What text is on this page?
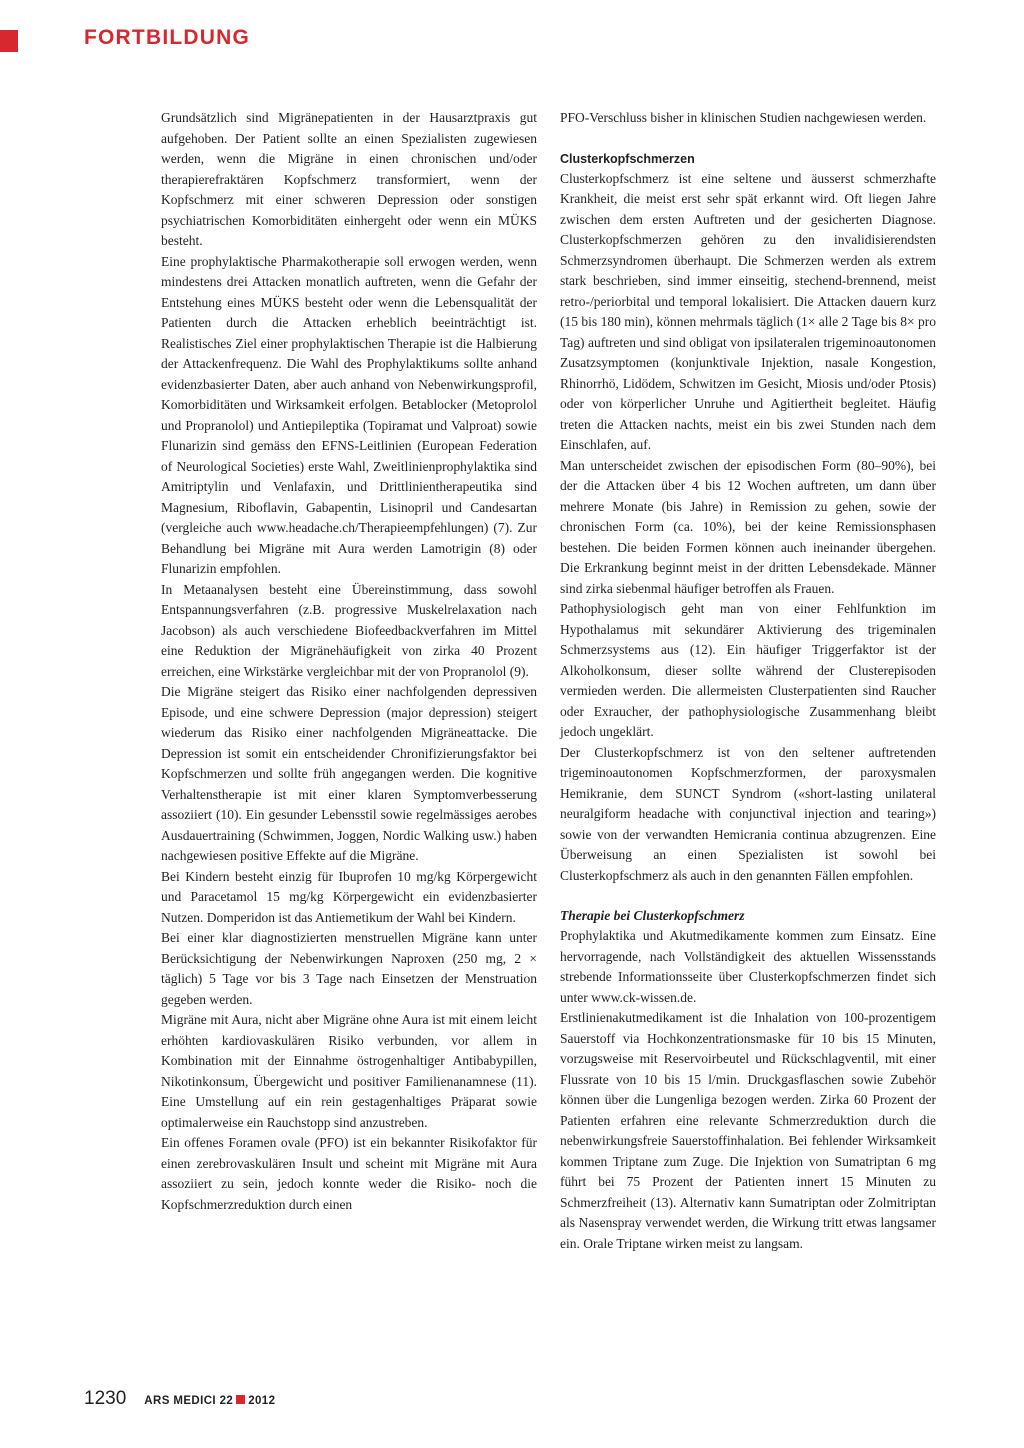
FORTBILDUNG

Grundsätzlich sind Migränepatienten in der Hausarztpraxis gut aufgehoben. Der Patient sollte an einen Spezialisten zugewiesen werden, wenn die Migräne in einen chronischen und/oder therapierefraktären Kopfschmerz transformiert, wenn der Kopfschmerz mit einer schweren Depression oder sonstigen psychiatrischen Komorbiditäten einhergeht oder wenn ein MÜKS besteht.

Eine prophylaktische Pharmakotherapie soll erwogen werden, wenn mindestens drei Attacken monatlich auftreten, wenn die Gefahr der Entstehung eines MÜKS besteht oder wenn die Lebensqualität der Patienten durch die Attacken erheblich beeinträchtigt ist. Realistisches Ziel einer prophylaktischen Therapie ist die Halbierung der Attackenfrequenz. Die Wahl des Prophylaktikums sollte anhand evidenzbasierter Daten, aber auch anhand von Nebenwirkungsprofil, Komorbiditäten und Wirksamkeit erfolgen. Betablocker (Metoprolol und Propranolol) und Antiepileptika (Topiramat und Valproat) sowie Flunarizin sind gemäss den EFNS-Leitlinien (European Federation of Neurological Societies) erste Wahl, Zweitlinienprophylaktika sind Amitriptylin und Venlafaxin, und Drittlinientherapeutika sind Magnesium, Riboflavin, Gabapentin, Lisinopril und Candesartan (vergleiche auch www.headache.ch/Therapieempfehlungen) (7). Zur Behandlung bei Migräne mit Aura werden Lamotrigin (8) oder Flunarizin empfohlen.

In Metaanalysen besteht eine Übereinstimmung, dass sowohl Entspannungsverfahren (z.B. progressive Muskelrelaxation nach Jacobson) als auch verschiedene Biofeedbackverfahren im Mittel eine Reduktion der Migränehäufigkeit von zirka 40 Prozent erreichen, eine Wirkstärke vergleichbar mit der von Propranolol (9).

Die Migräne steigert das Risiko einer nachfolgenden depressiven Episode, und eine schwere Depression (major depression) steigert wiederum das Risiko einer nachfolgenden Migräneattacke. Die Depression ist somit ein entscheidender Chronifizierungsfaktor bei Kopfschmerzen und sollte früh angegangen werden. Die kognitive Verhaltenstherapie ist mit einer klaren Symptomverbesserung assoziiert (10). Ein gesunder Lebensstil sowie regelmässiges aerobes Ausdauertraining (Schwimmen, Joggen, Nordic Walking usw.) haben nachgewiesen positive Effekte auf die Migräne.

Bei Kindern besteht einzig für Ibuprofen 10 mg/kg Körpergewicht und Paracetamol 15 mg/kg Körpergewicht ein evidenzbasierter Nutzen. Domperidon ist das Antiemetikum der Wahl bei Kindern.

Bei einer klar diagnostizierten menstruellen Migräne kann unter Berücksichtigung der Nebenwirkungen Naproxen (250 mg, 2 × täglich) 5 Tage vor bis 3 Tage nach Einsetzen der Menstruation gegeben werden.

Migräne mit Aura, nicht aber Migräne ohne Aura ist mit einem leicht erhöhten kardiovaskulären Risiko verbunden, vor allem in Kombination mit der Einnahme östrogenhaltiger Antibabypillen, Nikotinkonsum, Übergewicht und positiver Familienanamnese (11). Eine Umstellung auf ein rein gestagenhaltiges Präparat sowie optimalerweise ein Rauchstopp sind anzustreben.

Ein offenes Foramen ovale (PFO) ist ein bekannter Risikofaktor für einen zerebrovaskulären Insult und scheint mit Migräne mit Aura assoziiert zu sein, jedoch konnte weder die Risiko- noch die Kopfschmerzreduktion durch einen

PFO-Verschluss bisher in klinischen Studien nachgewiesen werden.

Clusterkopfschmerzen

Clusterkopfschmerz ist eine seltene und äusserst schmerzhafte Krankheit, die meist erst sehr spät erkannt wird. Oft liegen Jahre zwischen dem ersten Auftreten und der gesicherten Diagnose. Clusterkopfschmerzen gehören zu den invalidisierendsten Schmerzsyndromen überhaupt. Die Schmerzen werden als extrem stark beschrieben, sind immer einseitig, stechend-brennend, meist retro-/periorbital und temporal lokalisiert. Die Attacken dauern kurz (15 bis 180 min), können mehrmals täglich (1× alle 2 Tage bis 8× pro Tag) auftreten und sind obligat von ipsilateralen trigeminoautonomen Zusatzsymptomen (konjunktivale Injektion, nasale Kongestion, Rhinorrhö, Lidödem, Schwitzen im Gesicht, Miosis und/oder Ptosis) oder von körperlicher Unruhe und Agitiertheit begleitet. Häufig treten die Attacken nachts, meist ein bis zwei Stunden nach dem Einschlafen, auf.

Man unterscheidet zwischen der episodischen Form (80–90%), bei der die Attacken über 4 bis 12 Wochen auftreten, um dann über mehrere Monate (bis Jahre) in Remission zu gehen, sowie der chronischen Form (ca. 10%), bei der keine Remissionsphasen bestehen. Die beiden Formen können auch ineinander übergehen. Die Erkrankung beginnt meist in der dritten Lebensdekade. Männer sind zirka siebenmal häufiger betroffen als Frauen.

Pathophysiologisch geht man von einer Fehlfunktion im Hypothalamus mit sekundärer Aktivierung des trigeminalen Schmerzsystems aus (12). Ein häufiger Triggerfaktor ist der Alkoholkonsum, dieser sollte während der Clusterepisoden vermieden werden. Die allermeisten Clusterpatienten sind Raucher oder Exraucher, der pathophysiologische Zusammenhang bleibt jedoch ungeklärt.

Der Clusterkopfschmerz ist von den seltener auftretenden trigeminoautonomen Kopfschmerzformen, der paroxysmalen Hemikranie, dem SUNCT Syndrom («short-lasting unilateral neuralgiform headache with conjunctival injection and tearing») sowie von der verwandten Hemicrania continua abzugrenzen. Eine Überweisung an einen Spezialisten ist sowohl bei Clusterkopfschmerz als auch in den genannten Fällen empfohlen.

Therapie bei Clusterkopfschmerz

Prophylaktika und Akutmedikamente kommen zum Einsatz. Eine hervorragende, nach Vollständigkeit des aktuellen Wissensstands strebende Informationsseite über Clusterkopfschmerzen findet sich unter www.ck-wissen.de.

Erstlinienakutmedikament ist die Inhalation von 100-prozentigem Sauerstoff via Hochkonzentrationsmaske für 10 bis 15 Minuten, vorzugsweise mit Reservoirbeutel und Rückschlagventil, mit einer Flussrate von 10 bis 15 l/min. Druckgasflaschen sowie Zubehör können über die Lungenliga bezogen werden. Zirka 60 Prozent der Patienten erfahren eine relevante Schmerzreduktion durch die nebenwirkungsfreie Sauerstoffinhalation. Bei fehlender Wirksamkeit kommen Triptane zum Zuge. Die Injektion von Sumatriptan 6 mg führt bei 75 Prozent der Patienten innert 15 Minuten zu Schmerzfreiheit (13). Alternativ kann Sumatriptan oder Zolmitriptan als Nasenspray verwendet werden, die Wirkung tritt etwas langsamer ein. Orale Triptane wirken meist zu langsam.

1230 ARS MEDICI 22 2012
